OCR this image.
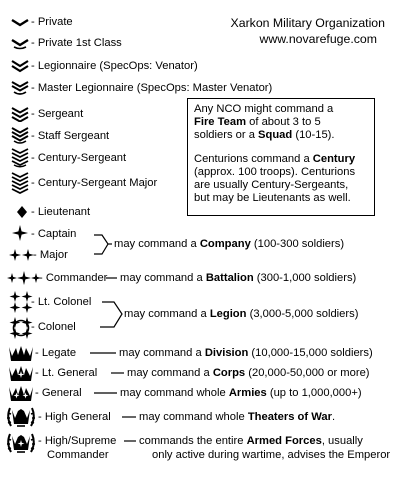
Xarkon Military Organization
www.novarefuge.com
- Private
- Private 1st Class
- Legionnaire (SpecOps: Venator)
- Master Legionnaire (SpecOps: Master Venator)
- Sergeant
- Staff Sergeant
- Century-Sergeant
- Century-Sergeant Major
- Lieutenant
- Captain
- Major
- Commander
- Lt. Colonel
- Colonel
- Legate
- Lt. General
- General
- High General
- High/Supreme
Commander

Any NCO might command a
Fire Team of about 3 to 5
soldiers or a Squad (10-15).

Centurions command a Century
(approx. 100 troops). Centurions
are usually Century-Sergeants,
but may be Lieutenants as well.

may command a Company (100-300 soldiers)
may command a Battalion (300-1,000 soldiers)
may command a Legion (3,000-5,000 soldiers)
may command a Division (10,000-15,000 soldiers)
may command a Corps (20,000-50,000 or more)
may command whole Armies (up to 1,000,000+)
may command whole Theaters of War.
commands the entire Armed Forces, usually
only active during wartime, advises the Emperor
